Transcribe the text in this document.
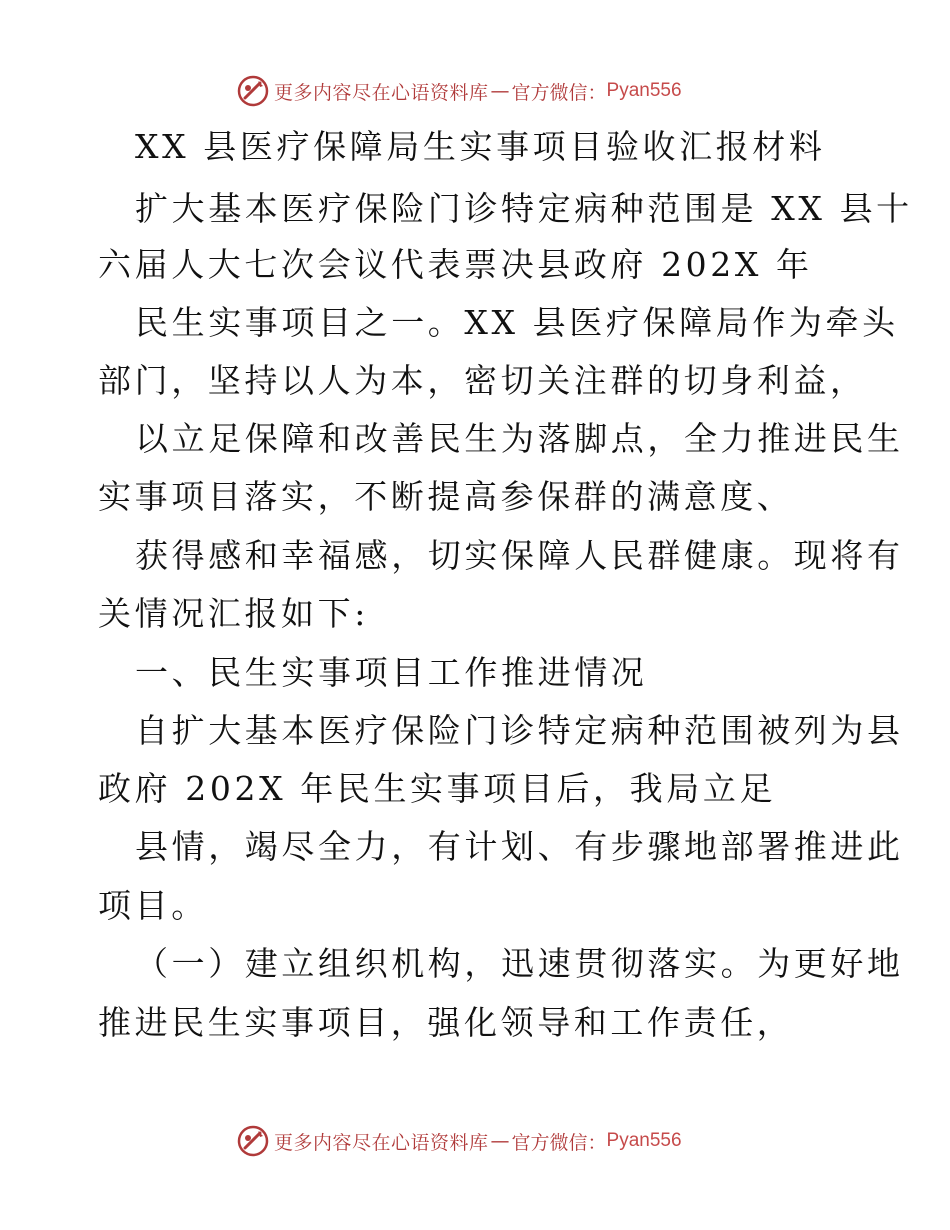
更多内容尽在心语资料库 — 官方微信： Pyan556
XX 县医疗保障局生实事项目验收汇报材料
扩大基本医疗保险门诊特定病种范围是 XX 县十
六届人大七次会议代表票决县政府 202X 年
民生实事项目之一。XX 县医疗保障局作为牵头
部门，坚持以人为本，密切关注群的切身利益，
以立足保障和改善民生为落脚点，全力推进民生
实事项目落实，不断提高参保群的满意度、
获得感和幸福感，切实保障人民群健康。现将有
关情况汇报如下:
一、民生实事项目工作推进情况
自扩大基本医疗保险门诊特定病种范围被列为县
政府 202X 年民生实事项目后，我局立足
县情，竭尽全力，有计划、有步骤地部署推进此
项目。
（一）建立组织机构，迅速贯彻落实。为更好地
推进民生实事项目，强化领导和工作责任，
更多内容尽在心语资料库 — 官方微信： Pyan556
